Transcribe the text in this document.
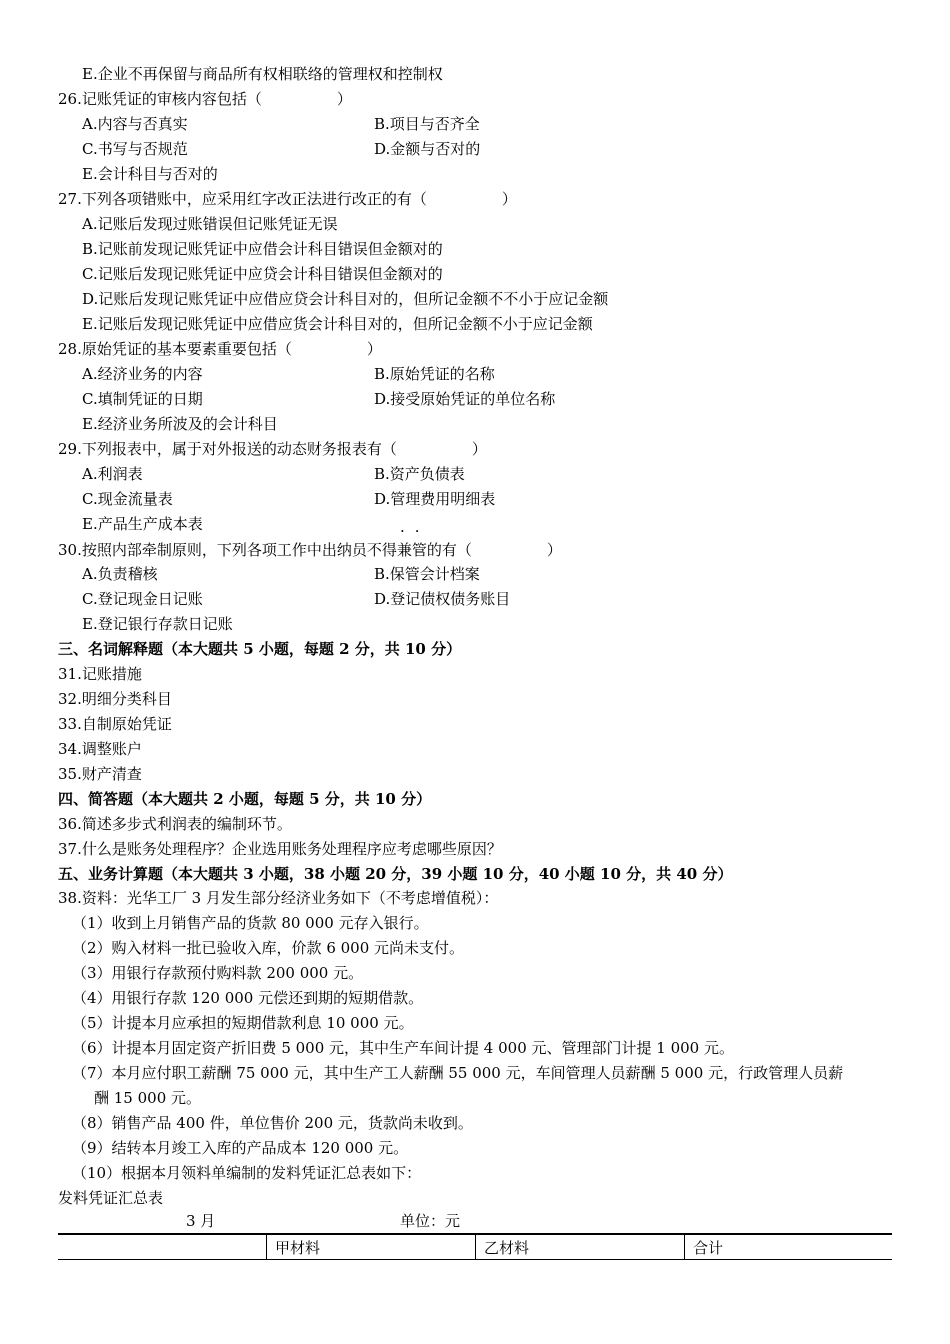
E.企业不再保留与商品所有权相联络的管理权和控制权
26.记账凭证的审核内容包括（　　　　　）
A.内容与否真实	B.项目与否齐全
C.书写与否规范	D.金额与否对的
E.会计科目与否对的
27.下列各项错账中，应采用红字改正法进行改正的有（　　　　　）
A.记账后发现过账错误但记账凭证无误
B.记账前发现记账凭证中应借会计科目错误但金额对的
C.记账后发现记账凭证中应贷会计科目错误但金额对的
D.记账后发现记账凭证中应借应贷会计科目对的，但所记金额不不小于应记金额
E.记账后发现记账凭证中应借应货会计科目对的，但所记金额不小于应记金额
28.原始凭证的基本要素重要包括（　　　　　）
A.经济业务的内容	B.原始凭证的名称
C.填制凭证的日期	D.接受原始凭证的单位名称
E.经济业务所波及的会计科目
29.下列报表中，属于对外报送的动态财务报表有（　　　　　）
A.利润表	B.资产负债表
C.现金流量表	D.管理费用明细表
E.产品生产成本表	··
30.按照内部牵制原则，下列各项工作中出纳员不得兼管的有（　　　　　）
A.负责稽核	B.保管会计档案
C.登记现金日记账	D.登记债权债务账目
E.登记银行存款日记账
三、名词解释题（本大题共 5 小题，每题 2 分，共 10 分）
31.记账措施
32.明细分类科目
33.自制原始凭证
34.调整账户
35.财产清查
四、简答题（本大题共 2 小题，每题 5 分，共 10 分）
36.简述多步式利润表的编制环节。
37.什么是账务处理程序？企业选用账务处理程序应考虑哪些原因？
五、业务计算题（本大题共 3 小题，38 小题 20 分，39 小题 10 分，40 小题 10 分，共 40 分）
38.资料：光华工厂 3 月发生部分经济业务如下（不考虑增值税）：
（1）收到上月销售产品的货款 80 000 元存入银行。
（2）购入材料一批已验收入库，价款 6 000 元尚未支付。
（3）用银行存款预付购料款 200 000 元。
（4）用银行存款 120 000 元偿还到期的短期借款。
（5）计提本月应承担的短期借款利息 10 000 元。
（6）计提本月固定资产折旧费 5 000 元，其中生产车间计提 4 000 元、管理部门计提 1 000 元。
（7）本月应付职工薪酬 75 000 元，其中生产工人薪酬 55 000 元，车间管理人员薪酬 5 000 元，行政管理人员薪
酬 15 000 元。
（8）销售产品 400 件，单位售价 200 元，货款尚未收到。
（9）结转本月竣工入库的产品成本 120 000 元。
（10）根据本月领料单编制的发料凭证汇总表如下：
发料凭证汇总表
3 月	单位：元
	甲材料	乙材料	合计
